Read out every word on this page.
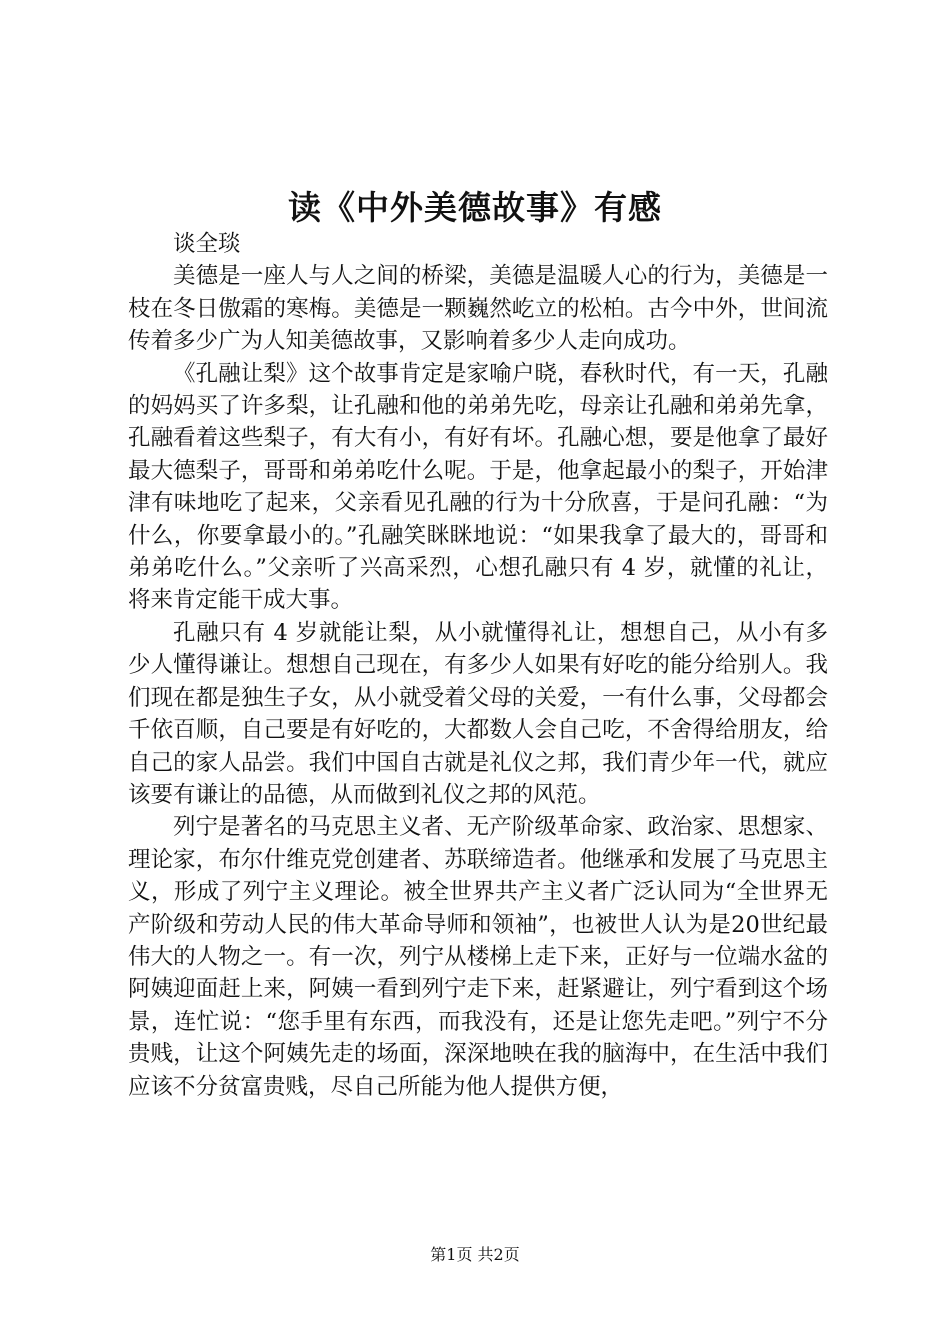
读《中外美德故事》有感

谈全琰

美德是一座人与人之间的桥梁，美德是温暖人心的行为，美德是一枝在冬日傲霜的寒梅。美德是一颗巍然屹立的松柏。古今中外，世间流传着多少广为人知美德故事，又影响着多少人走向成功。

《孔融让梨》这个故事肯定是家喻户晓，春秋时代，有一天，孔融的妈妈买了许多梨，让孔融和他的弟弟先吃，母亲让孔融和弟弟先拿，孔融看着这些梨子，有大有小，有好有坏。孔融心想，要是他拿了最好最大德梨子，哥哥和弟弟吃什么呢。于是，他拿起最小的梨子，开始津津有味地吃了起来，父亲看见孔融的行为十分欣喜，于是问孔融：“为什么，你要拿最小的。”孔融笑眯眯地说：“如果我拿了最大的，哥哥和弟弟吃什么。”父亲听了兴高采烈，心想孔融只有 4 岁，就懂的礼让，将来肯定能干成大事。

孔融只有 4 岁就能让梨，从小就懂得礼让，想想自己，从小有多少人懂得谦让。想想自己现在，有多少人如果有好吃的能分给别人。我们现在都是独生子女，从小就受着父母的关爱，一有什么事，父母都会千依百顺，自己要是有好吃的，大都数人会自己吃，不舍得给朋友，给自己的家人品尝。我们中国自古就是礼仪之邦，我们青少年一代，就应该要有谦让的品德，从而做到礼仪之邦的风范。

列宁是著名的马克思主义者、无产阶级革命家、政治家、思想家、理论家，布尔什维克党创建者、苏联缔造者。他继承和发展了马克思主义，形成了列宁主义理论。被全世界共产主义者广泛认同为“全世界无产阶级和劳动人民的伟大革命导师和领袖”，也被世人认为是20世纪最伟大的人物之一。有一次，列宁从楼梯上走下来，正好与一位端水盆的阿姨迎面赶上来，阿姨一看到列宁走下来，赶紧避让，列宁看到这个场景，连忙说：“您手里有东西，而我没有，还是让您先走吧。”列宁不分贵贱，让这个阿姨先走的场面，深深地映在我的脑海中，在生活中我们应该不分贫富贵贱，尽自己所能为他人提供方便，

第1页 共2页
